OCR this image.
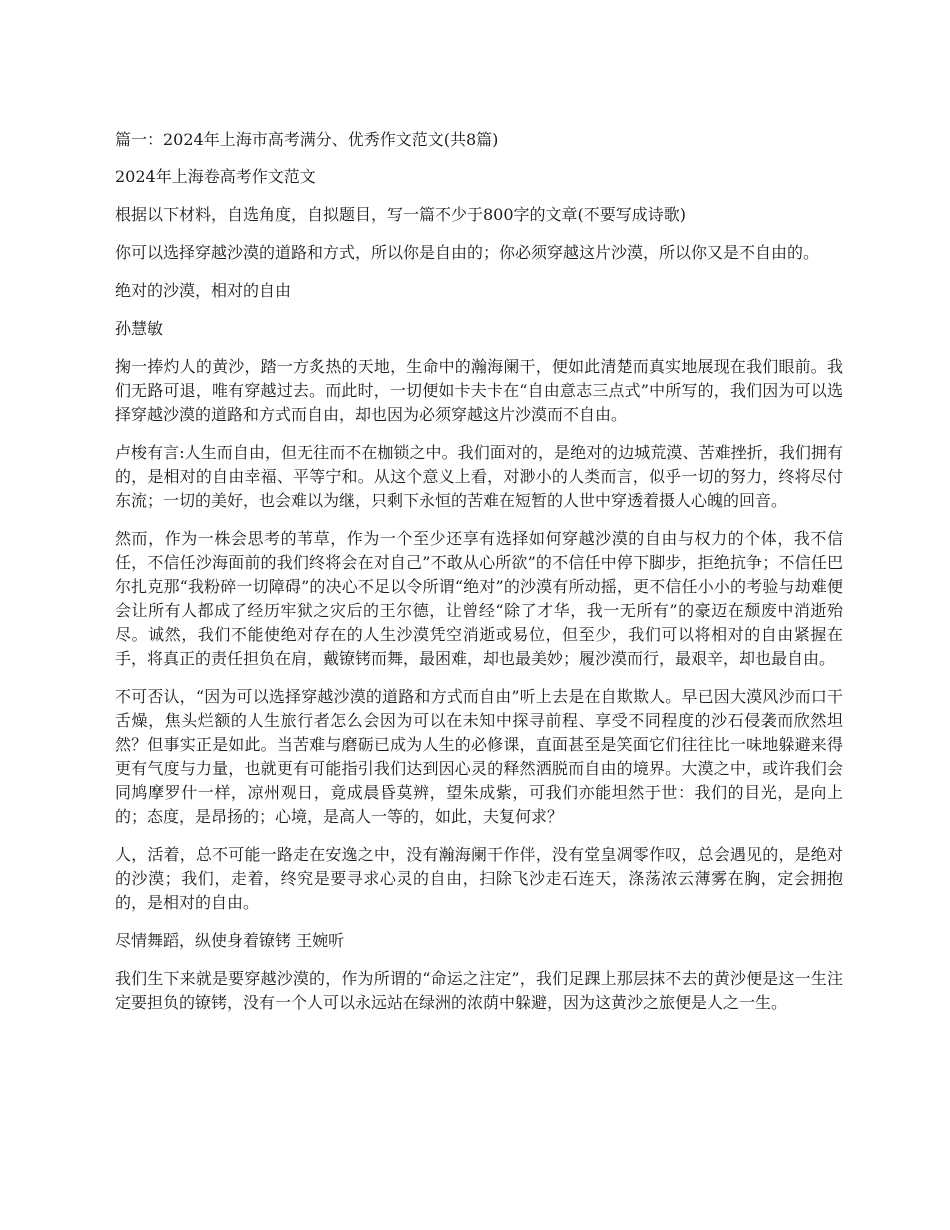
篇一：2024年上海市高考满分、优秀作文范文(共8篇)

2024年上海卷高考作文范文

根据以下材料，自选角度，自拟题目，写一篇不少于800字的文章(不要写成诗歌)

你可以选择穿越沙漠的道路和方式，所以你是自由的；你必须穿越这片沙漠，所以你又是不自由的。

绝对的沙漠，相对的自由

孙慧敏

掬一捧灼人的黄沙，踏一方炙热的天地，生命中的瀚海阑干，便如此清楚而真实地展现在我们眼前。我们无路可退，唯有穿越过去。而此时，一切便如卡夫卡在“自由意志三点式”中所写的，我们因为可以选择穿越沙漠的道路和方式而自由，却也因为必须穿越这片沙漠而不自由。

卢梭有言:人生而自由，但无往而不在枷锁之中。我们面对的，是绝对的边城荒漠、苦难挫折，我们拥有的，是相对的自由幸福、平等宁和。从这个意义上看，对渺小的人类而言，似乎一切的努力，终将尽付东流；一切的美好，也会难以为继，只剩下永恒的苦难在短暂的人世中穿透着摄人心魄的回音。

然而，作为一株会思考的苇草，作为一个至少还享有选择如何穿越沙漠的自由与权力的个体，我不信任，不信任沙海面前的我们终将会在对自己”不敢从心所欲”的不信任中停下脚步，拒绝抗争；不信任巴尔扎克那“我粉碎一切障碍”的决心不足以令所谓“绝对”的沙漠有所动摇，更不信任小小的考验与劫难便会让所有人都成了经历牢狱之灾后的王尔德，让曾经“除了才华，我一无所有”的豪迈在颓废中消逝殆尽。诚然，我们不能使绝对存在的人生沙漠凭空消逝或易位，但至少，我们可以将相对的自由紧握在手，将真正的责任担负在肩，戴镣铐而舞，最困难，却也最美妙；履沙漠而行，最艰辛，却也最自由。

不可否认，“因为可以选择穿越沙漠的道路和方式而自由”听上去是在自欺欺人。早已因大漠风沙而口干舌燥，焦头烂额的人生旅行者怎么会因为可以在未知中探寻前程、享受不同程度的沙石侵袭而欣然坦然？但事实正是如此。当苦难与磨砺已成为人生的必修课，直面甚至是笑面它们往往比一味地躲避来得更有气度与力量，也就更有可能指引我们达到因心灵的释然洒脱而自由的境界。大漠之中，或许我们会同鸠摩罗什一样，凉州观日，竟成晨昏莫辨，望朱成紫，可我们亦能坦然于世：我们的目光，是向上的；态度，是昂扬的；心境，是高人一等的，如此，夫复何求？

人，活着，总不可能一路走在安逸之中，没有瀚海阑干作伴，没有堂皇凋零作叹，总会遇见的，是绝对的沙漠；我们，走着，终究是要寻求心灵的自由，扫除飞沙走石连天，涤荡浓云薄雾在胸，定会拥抱的，是相对的自由。

尽情舞蹈，纵使身着镣铐 王婉听

我们生下来就是要穿越沙漠的，作为所谓的“命运之注定”，我们足踝上那层抹不去的黄沙便是这一生注定要担负的镣铐，没有一个人可以永远站在绿洲的浓荫中躲避，因为这黄沙之旅便是人之一生。
